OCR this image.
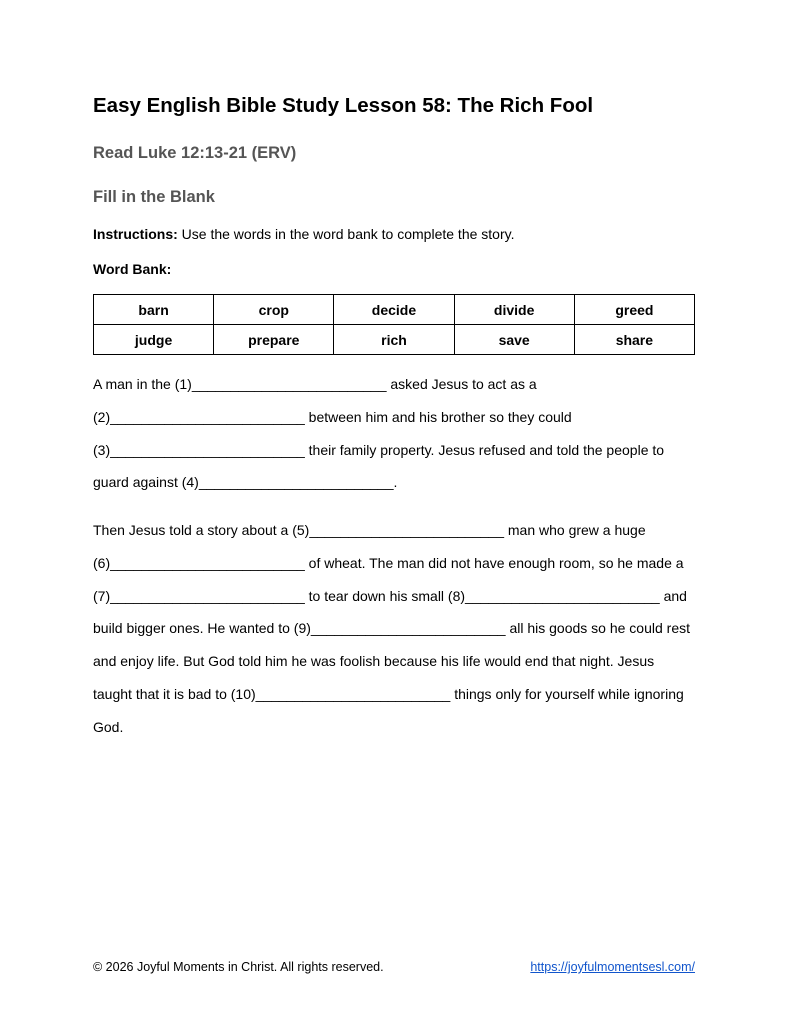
Easy English Bible Study Lesson 58: The Rich Fool
Read Luke 12:13-21 (ERV)
Fill in the Blank
Instructions: Use the words in the word bank to complete the story.
Word Bank:
barn	crop	decide	divide	greed
judge	prepare	rich	save	share
A man in the (1)_________________________ asked Jesus to act as a
(2)_________________________ between him and his brother so they could
(3)_________________________ their family property. Jesus refused and told the people to
guard against (4)_________________________.
Then Jesus told a story about a (5)_________________________ man who grew a huge
(6)_________________________ of wheat. The man did not have enough room, so he made a
(7)_________________________ to tear down his small (8)_________________________ and
build bigger ones. He wanted to (9)_________________________ all his goods so he could rest
and enjoy life. But God told him he was foolish because his life would end that night. Jesus
taught that it is bad to (10)_________________________ things only for yourself while ignoring
God.
© 2026 Joyful Moments in Christ. All rights reserved.	https://joyfulmomentsesl.com/
